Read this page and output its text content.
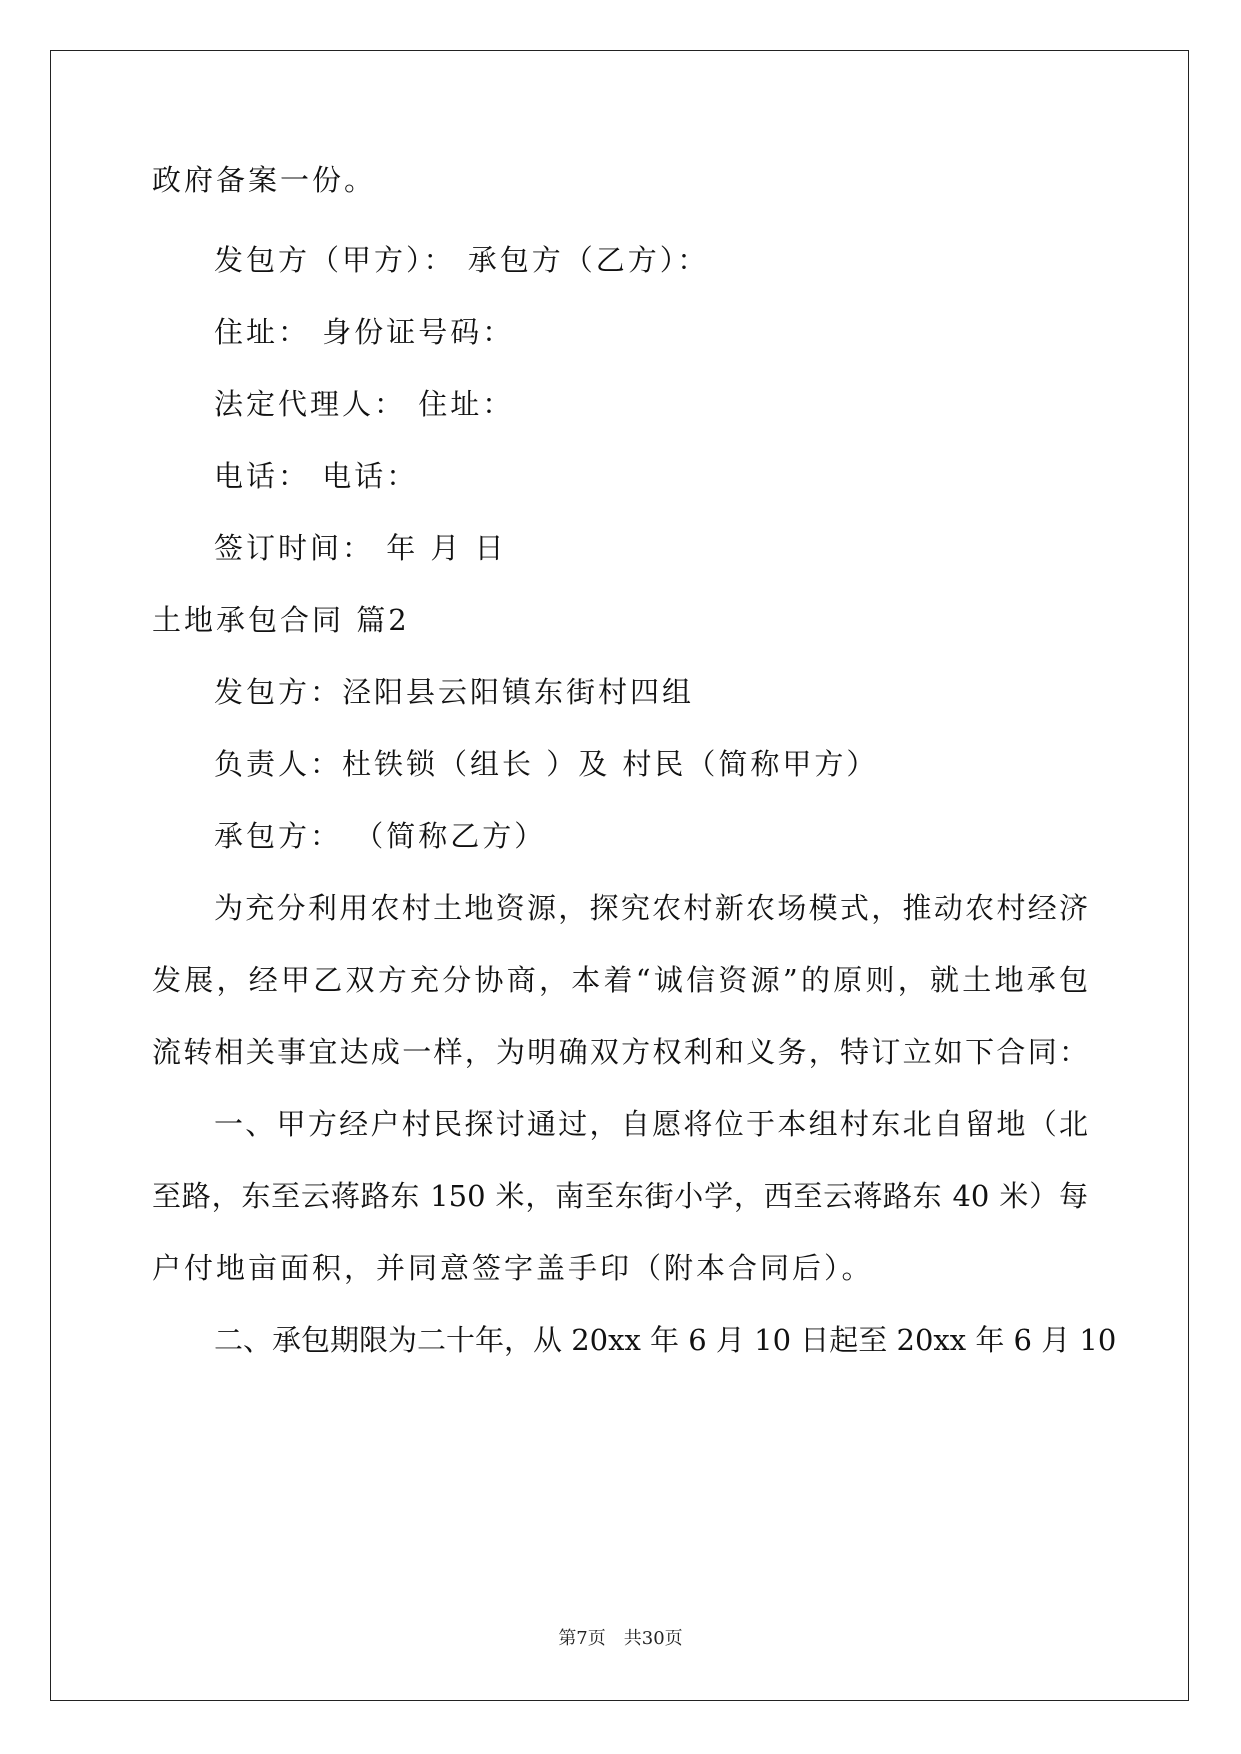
政府备案一份。
发包方（甲方）： 承包方（乙方）：
住址： 身份证号码：
法定代理人： 住址：
电话： 电话：
签订时间： 年 月 日
土地承包合同 篇2
发包方：泾阳县云阳镇东街村四组
负责人：杜铁锁（组长 ）及 村民（简称甲方）
承包方： （简称乙方）
为充分利用农村土地资源，探究农村新农场模式，推动农村经济
发展，经甲乙双方充分协商，本着“诚信资源”的原则，就土地承包
流转相关事宜达成一样，为明确双方权利和义务，特订立如下合同：
一、甲方经户村民探讨通过，自愿将位于本组村东北自留地（北
至路，东至云蒋路东 150 米，南至东街小学，西至云蒋路东 40 米）每
户付地亩面积，并同意签字盖手印（附本合同后）。
二、承包期限为二十年，从 20xx 年 6 月 10 日起至 20xx 年 6 月 10
第7页　共30页
